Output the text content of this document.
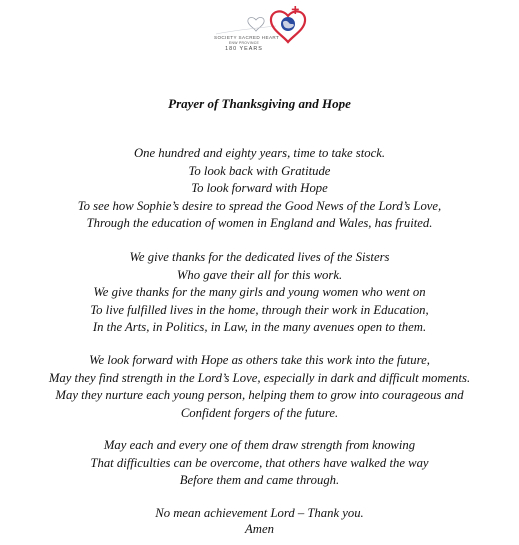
SOCIETY SACRED HEART
ENW PROVINCE
180 YEARS
Prayer of Thanksgiving and Hope
One hundred and eighty years, time to take stock.
To look back with Gratitude
To look forward with Hope
To see how Sophie’s desire to spread the Good News of the Lord’s Love,
Through the education of women in England and Wales, has fruited.
We give thanks for the dedicated lives of the Sisters
Who gave their all for this work.
We give thanks for the many girls and young women who went on
To live fulfilled lives in the home, through their work in Education,
In the Arts, in Politics, in Law, in the many avenues open to them.
We look forward with Hope as others take this work into the future,
May they find strength in the Lord’s Love, especially in dark and difficult moments.
May they nurture each young person, helping them to grow into courageous and
Confident forgers of the future.
May each and every one of them draw strength from knowing
That difficulties can be overcome, that others have walked the way
Before them and came through.
No mean achievement Lord – Thank you.
Amen
